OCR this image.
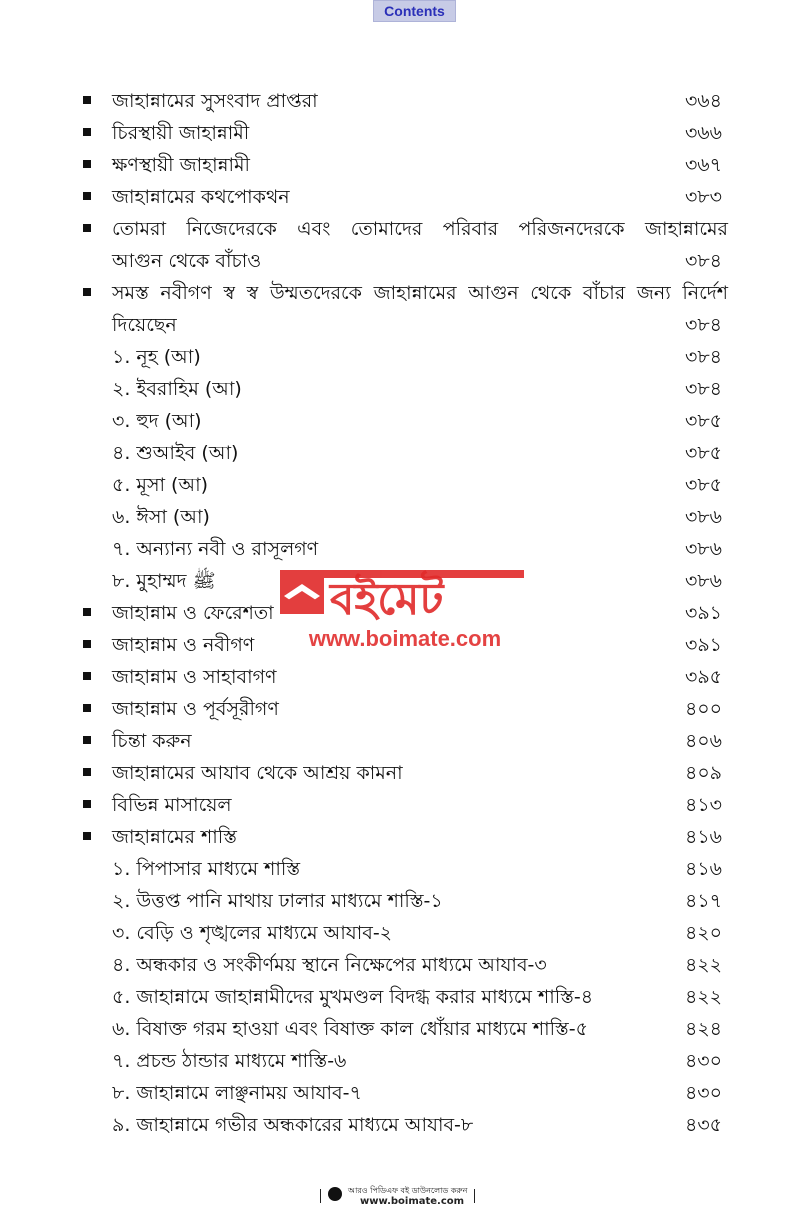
Contents
জাহান্নামের সুসংবাদ প্রাপ্তরা	৩৬৪
চিরস্থায়ী জাহান্নামী	৩৬৬
ক্ষণস্থায়ী জাহান্নামী	৩৬৭
জাহান্নামের কথপোকথন	৩৮৩
তোমরা নিজেদেরকে এবং তোমাদের পরিবার পরিজনদেরকে জাহান্নামের
আগুন থেকে বাঁচাও	৩৮৪
সমস্ত নবীগণ স্ব স্ব উম্মতদেরকে জাহান্নামের আগুন থেকে বাঁচার জন্য নির্দেশ
দিয়েছেন	৩৮৪
১. নূহ (আ)	৩৮৪
২. ইবরাহিম (আ)	৩৮৪
৩. হুদ (আ)	৩৮৫
৪. শুআইব (আ)	৩৮৫
৫. মূসা (আ)	৩৮৫
৬. ঈসা (আ)	৩৮৬
৭. অন্যান্য নবী ও রাসূলগণ	৩৮৬
৮. মুহাম্মদ ﷺ	৩৮৬
জাহান্নাম ও ফেরেশতা	৩৯১
জাহান্নাম ও নবীগণ	৩৯১
জাহান্নাম ও সাহাবাগণ	৩৯৫
জাহান্নাম ও পূর্বসূরীগণ	৪০০
চিন্তা করুন	৪০৬
জাহান্নামের আযাব থেকে আশ্রয় কামনা	৪০৯
বিভিন্ন মাসায়েল	৪১৩
জাহান্নামের শাস্তি	৪১৬
১. পিপাসার মাধ্যমে শাস্তি	৪১৬
২. উত্তপ্ত পানি মাথায় ঢালার মাধ্যমে শাস্তি-১	৪১৭
৩. বেড়ি ও শৃঙ্খলের মাধ্যমে আযাব-২	৪২০
৪. অন্ধকার ও সংকীর্ণময় স্থানে নিক্ষেপের মাধ্যমে আযাব-৩	৪২২
৫. জাহান্নামে জাহান্নামীদের মুখমণ্ডল বিদগ্ধ করার মাধ্যমে শাস্তি-৪	৪২২
৬. বিষাক্ত গরম হাওয়া এবং বিষাক্ত কাল ধোঁয়ার মাধ্যমে শাস্তি-৫	৪২৪
৭. প্রচন্ড ঠান্ডার মাধ্যমে শাস্তি-৬	৪৩০
৮. জাহান্নামে লাঞ্ছনাময় আযাব-৭	৪৩০
৯. জাহান্নামে গভীর অন্ধকারের মাধ্যমে আযাব-৮	৪৩৫
বইমেট
www.boimate.com
আরও পিডিএফ বই ডাউনলোড করুন
www.boimate.com
